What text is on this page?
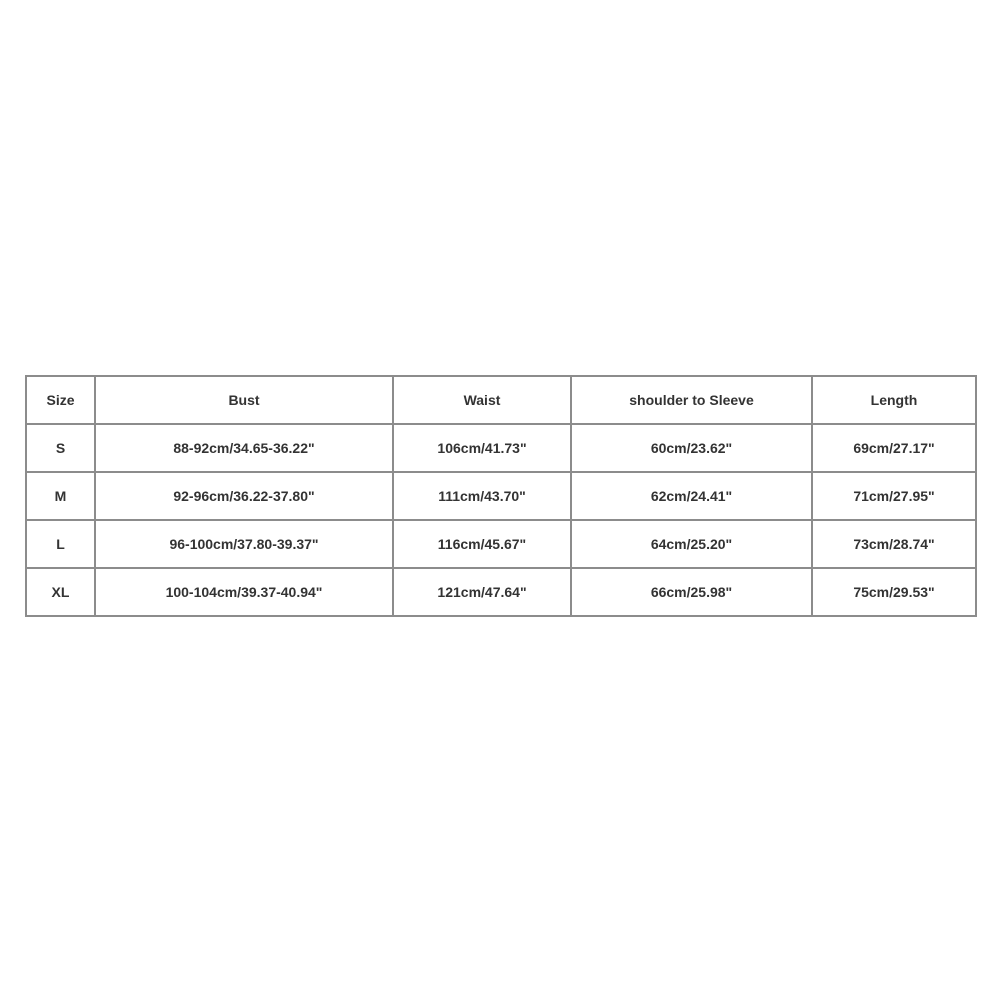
Size	Bust	Waist	shoulder to Sleeve	Length
S	88-92cm/34.65-36.22"	106cm/41.73"	60cm/23.62"	69cm/27.17"
M	92-96cm/36.22-37.80"	111cm/43.70"	62cm/24.41"	71cm/27.95"
L	96-100cm/37.80-39.37"	116cm/45.67"	64cm/25.20"	73cm/28.74"
XL	100-104cm/39.37-40.94"	121cm/47.64"	66cm/25.98"	75cm/29.53"
